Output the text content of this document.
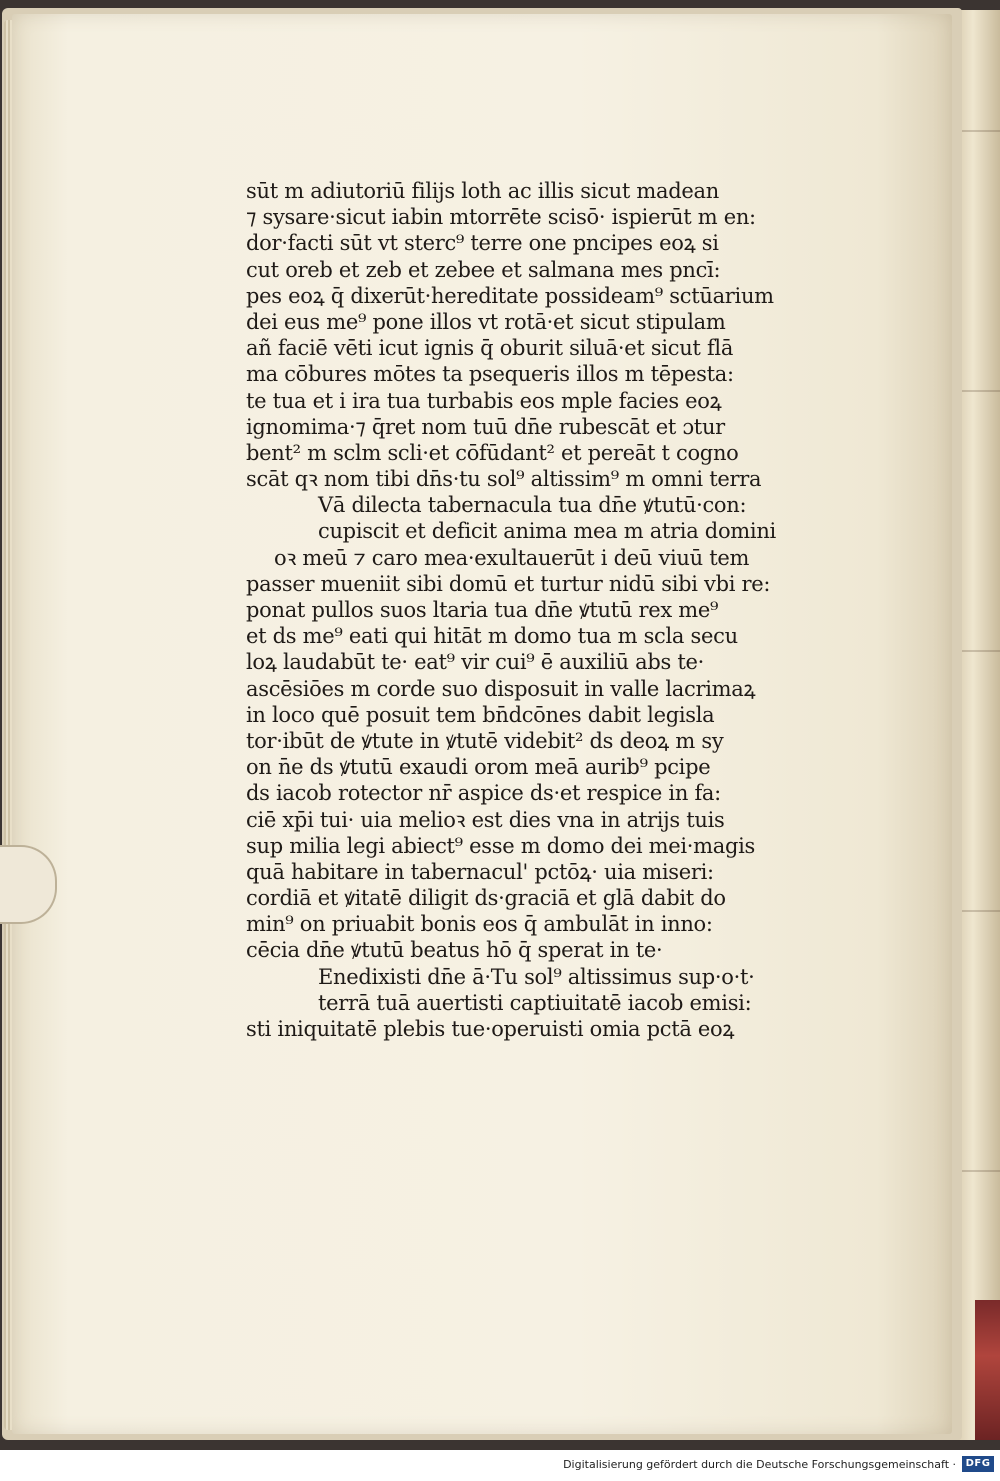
sūt m adiutoriū filijs loth ac illis sicut madean
⁊ sysare·sicut iabin mtorrēte scisō· ispierūt m en:
dor·facti sūt vt sterc⁹ terre one pncipes eoꝝ si
cut oreb et zeb et zebee et salmana mes pncī:
pes eoꝝ q̄ dixerūt·hereditate possideam⁹ sctūarium
dei eus me⁹ pone illos vt rotā·et sicut stipulam
añ faciē vēti icut ignis q̄ oburit siluā·et sicut flā
ma cōbures mōtes ta psequeris illos m tēpesta:
te tua et i ira tua turbabis eos mple facies eoꝝ
ignomima·⁊ q̄ret nom tuū dn̄e rubescāt et ɔtur
bent² m sclm scli·et cōfūdant² et pereāt t cogno
scāt qꝛ nom tibi dn̄s·tu sol⁹ altissim⁹ m omni terra
Vā dilecta tabernacula tua dn̄e ꝟtutū·con:
cupiscit et deficit anima mea m atria domini
oꝛ meū ⁊ caro mea·exultauerūt i deū viuū tem
passer mueniit sibi domū et turtur nidū sibi vbi re:
ponat pullos suos ltaria tua dn̄e ꝟtutū rex me⁹
et ds me⁹ eati qui hitāt m domo tua m scla secu
loꝝ laudabūt te· eat⁹ vir cui⁹ ē auxiliū abs te·
ascēsiōes m corde suo disposuit in valle lacrimaꝝ
in loco quē posuit tem bn̄dcōnes dabit legisla
tor·ibūt de ꝟtute in ꝟtutē videbit² ds deoꝝ m sy
on n̄e ds ꝟtutū exaudi orom meā aurib⁹ pcipe
ds iacob rotector nr̄ aspice ds·et respice in fa:
ciē xp̄i tui· uia melioꝛ est dies vna in atrijs tuis
sup milia legi abiect⁹ esse m domo dei mei·magis
quā habitare in tabernacul' pctōꝝ· uia miseri:
cordiā et ꝟitatē diligit ds·graciā et glā dabit do
min⁹ on priuabit bonis eos q̄ ambulāt in inno:
cēcia dn̄e ꝟtutū beatus hō q̄ sperat in te·
Enedixisti dn̄e ā·Tu sol⁹ altissimus sup·o·t·
terrā tuā auertisti captiuitatē iacob emisi:
sti iniquitatē plebis tue·operuisti omia pctā eoꝝ
Digitalisierung gefördert durch die Deutsche Forschungsgemeinschaft · DFG
